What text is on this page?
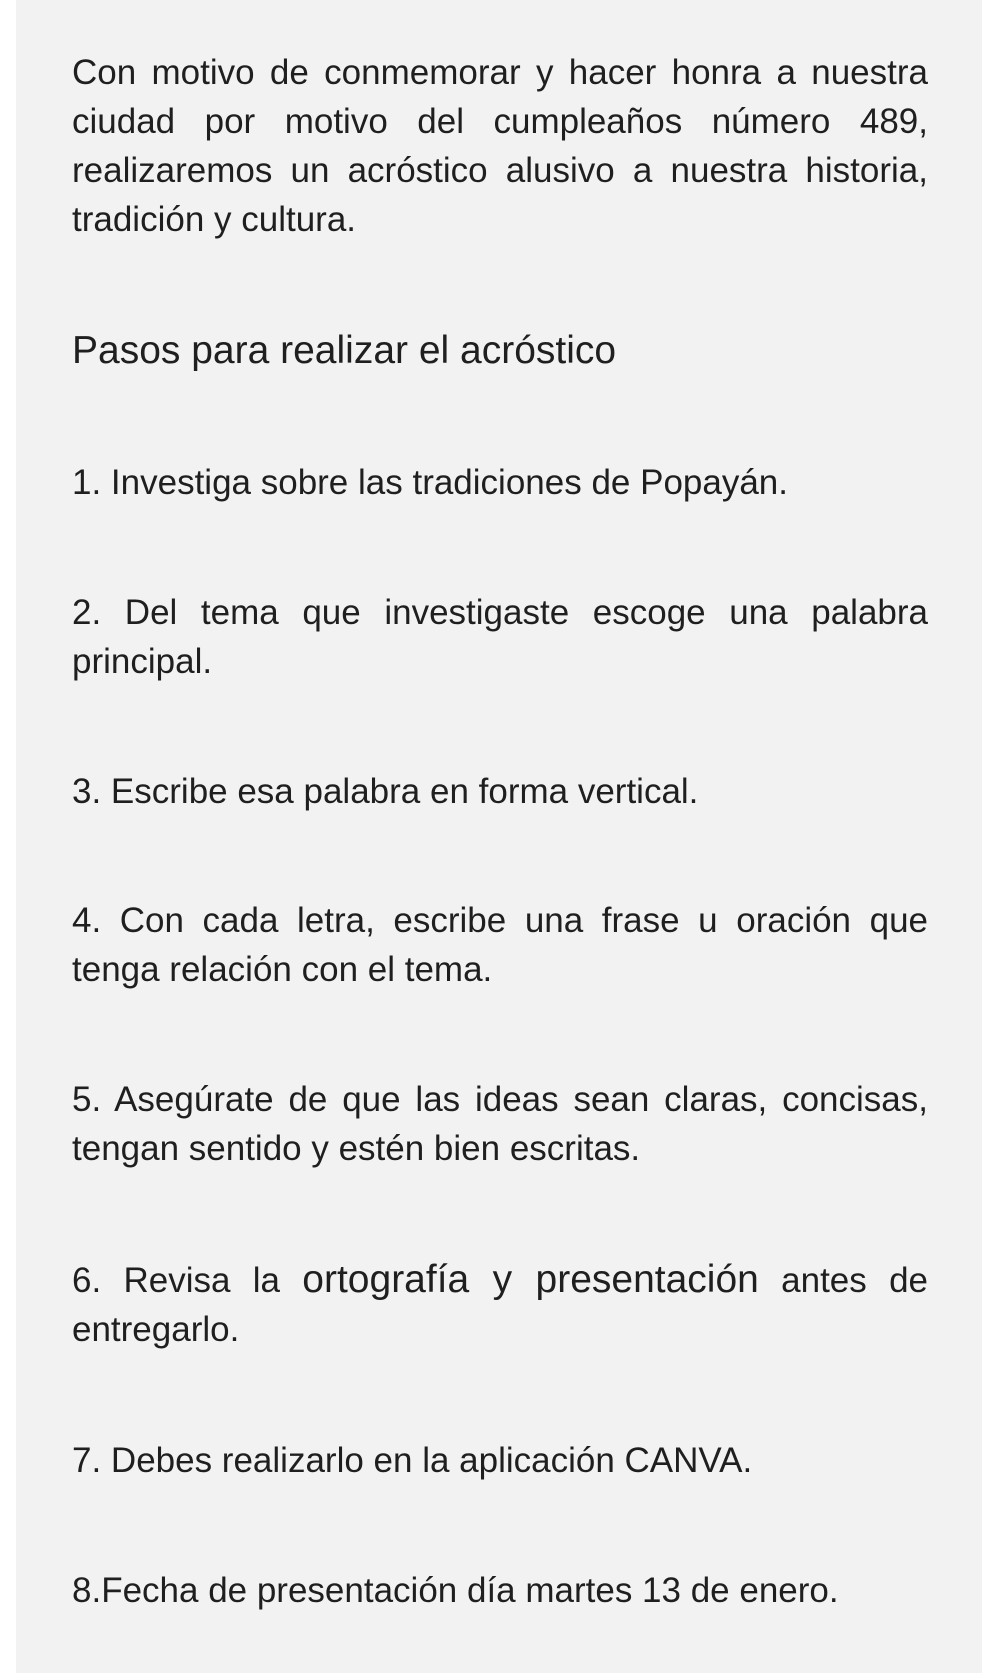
Con motivo de conmemorar y hacer honra a nuestra ciudad por motivo del cumpleaños número 489, realizaremos un acróstico alusivo a nuestra historia, tradición y cultura.
Pasos para realizar el acróstico
1. Investiga sobre las tradiciones de Popayán.
2. Del tema que investigaste escoge una palabra principal.
3. Escribe esa palabra en forma vertical.
4. Con cada letra, escribe una frase u oración que tenga relación con el tema.
5. Asegúrate de que las ideas sean claras, concisas, tengan sentido y estén bien escritas.
6. Revisa la ortografía y presentación antes de entregarlo.
7. Debes realizarlo en la aplicación CANVA.
8.Fecha de presentación día martes 13 de enero.
